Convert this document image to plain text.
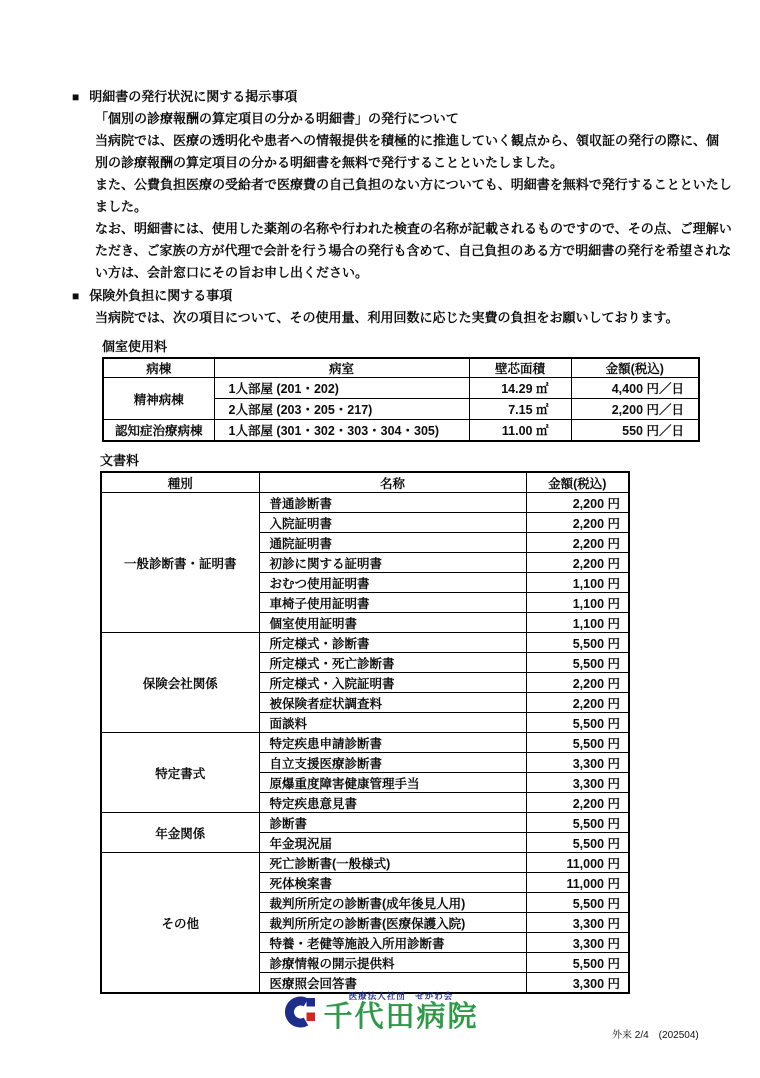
■ 明細書の発行状況に関する掲示事項
「個別の診療報酬の算定項目の分かる明細書」の発行について
当病院では、医療の透明化や患者への情報提供を積極的に推進していく観点から、領収証の発行の際に、個
別の診療報酬の算定項目の分かる明細書を無料で発行することといたしました。
また、公費負担医療の受給者で医療費の自己負担のない方についても、明細書を無料で発行することといたし
ました。
なお、明細書には、使用した薬剤の名称や行われた検査の名称が記載されるものですので、その点、ご理解い
ただき、ご家族の方が代理で会計を行う場合の発行も含めて、自己負担のある方で明細書の発行を希望されな
い方は、会計窓口にその旨お申し出ください。
■ 保険外負担に関する事項
当病院では、次の項目について、その使用量、利用回数に応じた実費の負担をお願いしております。
個室使用料
病棟	病室	壁芯面積	金額(税込)
精神病棟	1人部屋 (201・202)	14.29 ㎡	4,400 円／日
	2人部屋 (203・205・217)	7.15 ㎡	2,200 円／日
認知症治療病棟	1人部屋 (301・302・303・304・305)	11.00 ㎡	550 円／日
文書料
種別	名称	金額(税込)
一般診断書・証明書	普通診断書	2,200 円
	入院証明書	2,200 円
	通院証明書	2,200 円
	初診に関する証明書	2,200 円
	おむつ使用証明書	1,100 円
	車椅子使用証明書	1,100 円
	個室使用証明書	1,100 円
保険会社関係	所定様式・診断書	5,500 円
	所定様式・死亡診断書	5,500 円
	所定様式・入院証明書	2,200 円
	被保険者症状調査料	2,200 円
	面談料	5,500 円
特定書式	特定疾患申請診断書	5,500 円
	自立支援医療診断書	3,300 円
	原爆重度障害健康管理手当	3,300 円
	特定疾患意見書	2,200 円
年金関係	診断書	5,500 円
	年金現況届	5,500 円
その他	死亡診断書(一般様式)	11,000 円
	死体検案書	11,000 円
	裁判所所定の診断書(成年後見人用)	5,500 円
	裁判所所定の診断書(医療保護入院)	3,300 円
	特養・老健等施設入所用診断書	3,300 円
	診療情報の開示提供料	5,500 円
	医療照会回答書	3,300 円
医療法人社団　せがわ会
千代田病院
外来 2/4　(202504)
